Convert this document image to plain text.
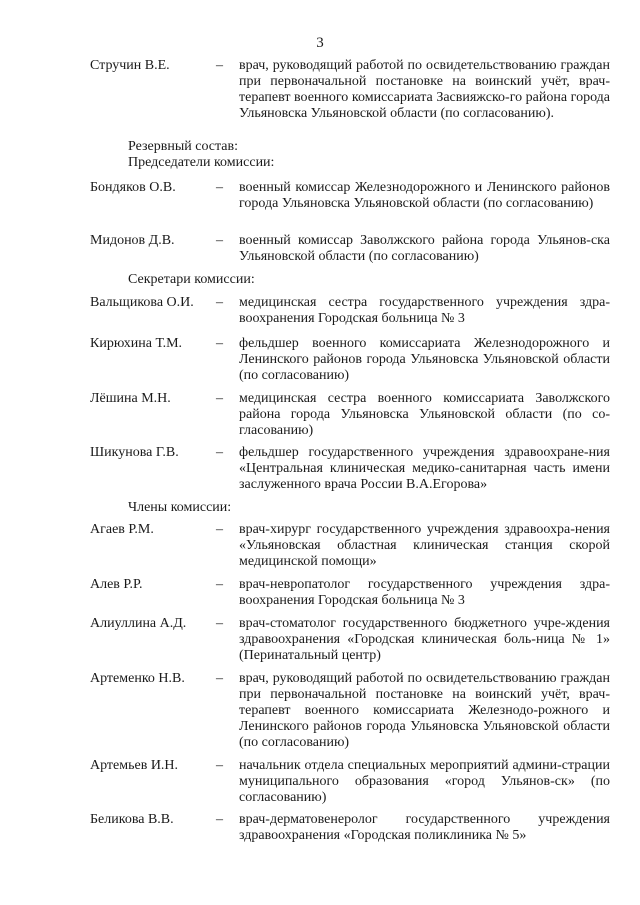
3
Стручин В.Е.	– врач, руководящий работой по освидетельствованию граждан при первоначальной постановке на воинский учёт, врач-терапевт военного комиссариата Засвияжско-го района города Ульяновска Ульяновской области (по согласованию).
Резервный состав:
Председатели комиссии:
Бондяков О.В.	– военный комиссар Железнодорожного и Ленинского районов города Ульяновска Ульяновской области (по согласованию)
Мидонов Д.В.	– военный комиссар Заволжского района города Ульянов-ска Ульяновской области (по согласованию)
Секретари комиссии:
Вальщикова О.И. – медицинская сестра государственного учреждения здра-воохранения Городская больница № 3
Кирюхина Т.М. – фельдшер военного комиссариата Железнодорожного и Ленинского районов города Ульяновска Ульяновской области (по согласованию)
Лёшина М.Н.	– медицинская сестра военного комиссариата Заволжского района города Ульяновска Ульяновской области (по со-гласованию)
Шикунова Г.В.	– фельдшер государственного учреждения здравоохране-ния «Центральная клиническая медико-санитарная часть имени заслуженного врача России В.А.Егорова»
Члены комиссии:
Агаев Р.М.	– врач-хирург государственного учреждения здравоохра-нения «Ульяновская областная клиническая станция скорой медицинской помощи»
Алев Р.Р.	– врач-невропатолог государственного учреждения здра-воохранения Городская больница № 3
Алиуллина А.Д. – врач-стоматолог государственного бюджетного учре-ждения здравоохранения «Городская клиническая боль-ница № 1» (Перинатальный центр)
Артеменко Н.В. – врач, руководящий работой по освидетельствованию граждан при первоначальной постановке на воинский учёт, врач-терапевт военного комиссариата Железнодо-рожного и Ленинского районов города Ульяновска Ульяновской области (по согласованию)
Артемьев И.Н.	– начальник отдела специальных мероприятий админи-страции муниципального образования «город Ульянов-ск» (по согласованию)
Беликова В.В.	– врач-дерматовенеролог государственного учреждения здравоохранения «Городская поликлиника № 5»
